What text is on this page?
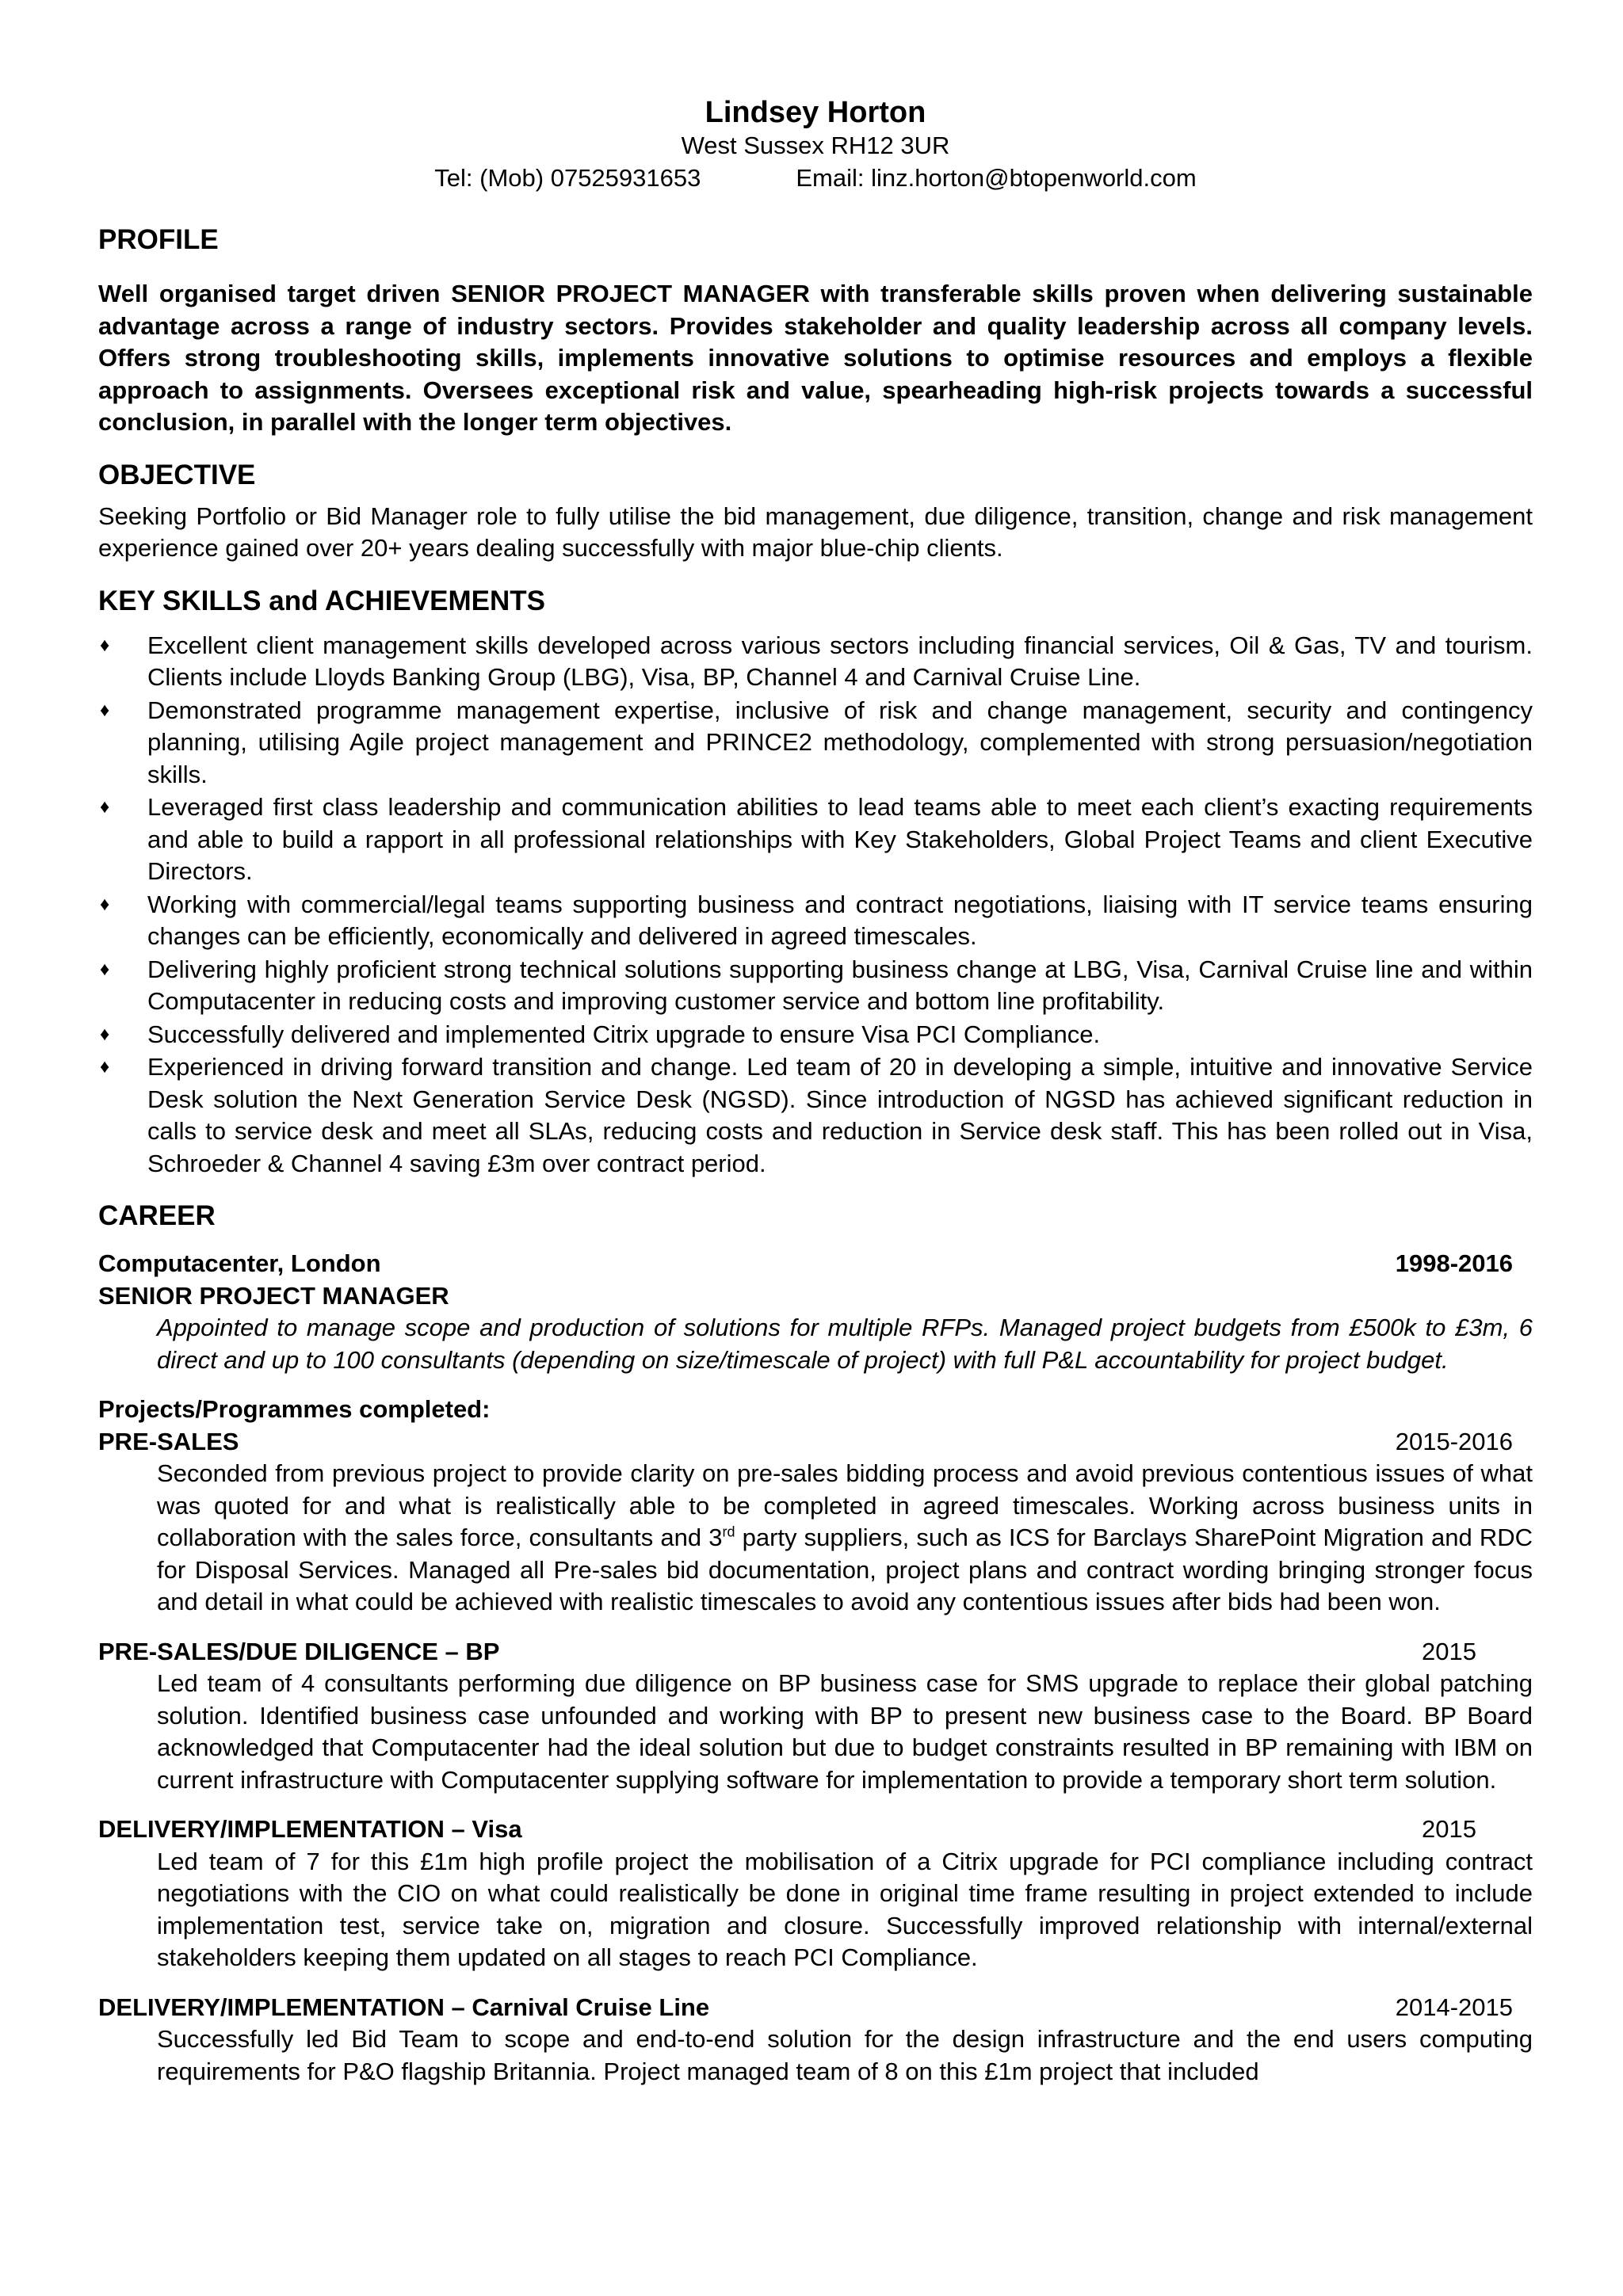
Lindsey Horton

West Sussex RH12 3UR

Tel: (Mob) 07525931653	Email: linz.horton@btopenworld.com

PROFILE

Well organised target driven SENIOR PROJECT MANAGER with transferable skills proven when delivering sustainable advantage across a range of industry sectors. Provides stakeholder and quality leadership across all company levels. Offers strong troubleshooting skills, implements innovative solutions to optimise resources and employs a flexible approach to assignments. Oversees exceptional risk and value, spearheading high-risk projects towards a successful conclusion, in parallel with the longer term objectives.

OBJECTIVE

Seeking Portfolio or Bid Manager role to fully utilise the bid management, due diligence, transition, change and risk management experience gained over 20+ years dealing successfully with major blue-chip clients.

KEY SKILLS and ACHIEVEMENTS
♦ Excellent client management skills developed across various sectors including financial services, Oil & Gas, TV and tourism. Clients include Lloyds Banking Group (LBG), Visa, BP, Channel 4 and Carnival Cruise Line.
♦ Demonstrated programme management expertise, inclusive of risk and change management, security and contingency planning, utilising Agile project management and PRINCE2 methodology, complemented with strong persuasion/negotiation skills.
♦ Leveraged first class leadership and communication abilities to lead teams able to meet each client’s exacting requirements and able to build a rapport in all professional relationships with Key Stakeholders, Global Project Teams and client Executive Directors.
♦ Working with commercial/legal teams supporting business and contract negotiations, liaising with IT service teams ensuring changes can be efficiently, economically and delivered in agreed timescales.
♦ Delivering highly proficient strong technical solutions supporting business change at LBG, Visa, Carnival Cruise line and within Computacenter in reducing costs and improving customer service and bottom line profitability.
♦ Successfully delivered and implemented Citrix upgrade to ensure Visa PCI Compliance.
♦ Experienced in driving forward transition and change. Led team of 20 in developing a simple, intuitive and innovative Service Desk solution the Next Generation Service Desk (NGSD). Since introduction of NGSD has achieved significant reduction in calls to service desk and meet all SLAs, reducing costs and reduction in Service desk staff. This has been rolled out in Visa, Schroeder & Channel 4 saving £3m over contract period.
CAREER
Computacenter, London	1998-2016

SENIOR PROJECT MANAGER

Appointed to manage scope and production of solutions for multiple RFPs. Managed project budgets from £500k to £3m, 6 direct and up to 100 consultants (depending on size/timescale of project) with full P&L accountability for project budget.

Projects/Programmes completed:

PRE-SALES	2015-2016

Seconded from previous project to provide clarity on pre-sales bidding process and avoid previous contentious issues of what was quoted for and what is realistically able to be completed in agreed timescales. Working across business units in collaboration with the sales force, consultants and 3rd party suppliers, such as ICS for Barclays SharePoint Migration and RDC for Disposal Services. Managed all Pre-sales bid documentation, project plans and contract wording bringing stronger focus and detail in what could be achieved with realistic timescales to avoid any contentious issues after bids had been won.

PRE-SALES/DUE DILIGENCE – BP	2015

Led team of 4 consultants performing due diligence on BP business case for SMS upgrade to replace their global patching solution. Identified business case unfounded and working with BP to present new business case to the Board. BP Board acknowledged that Computacenter had the ideal solution but due to budget constraints resulted in BP remaining with IBM on current infrastructure with Computacenter supplying software for implementation to provide a temporary short term solution.

DELIVERY/IMPLEMENTATION – Visa	2015

Led team of 7 for this £1m high profile project the mobilisation of a Citrix upgrade for PCI compliance including contract negotiations with the CIO on what could realistically be done in original time frame resulting in project extended to include implementation test, service take on, migration and closure. Successfully improved relationship with internal/external stakeholders keeping them updated on all stages to reach PCI Compliance.

DELIVERY/IMPLEMENTATION – Carnival Cruise Line	2014-2015

Successfully led Bid Team to scope and end-to-end solution for the design infrastructure and the end users computing requirements for P&O flagship Britannia. Project managed team of 8 on this £1m project that included
